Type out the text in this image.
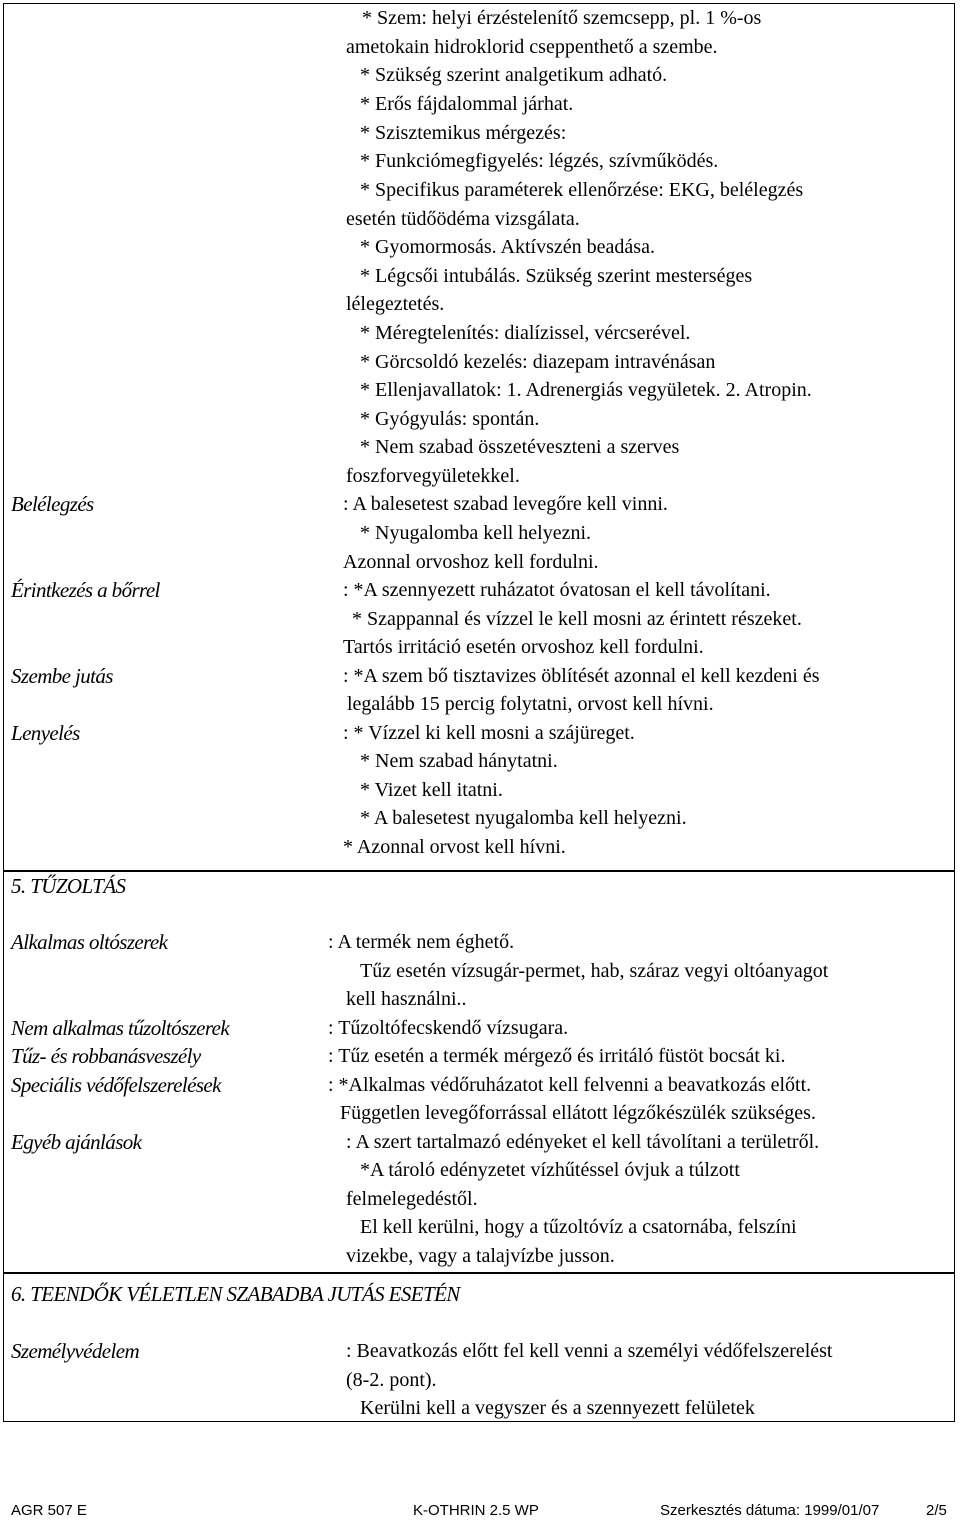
* Szem: helyi érzéstelenítő szemcsepp, pl. 1 %-os
ametokain hidroklorid cseppenthető a szembe.
* Szükség szerint analgetikum adható.
* Erős fájdalommal járhat.
* Szisztemikus mérgezés:
* Funkciómegfigyelés: légzés, szívműködés.
* Specifikus paraméterek ellenőrzése: EKG, belélegzés
esetén tüdőödéma vizsgálata.
* Gyomormosás. Aktívszén beadása.
* Légcsői intubálás. Szükség szerint mesterséges
lélegeztetés.
* Méregtelenítés: dialízissel, vércserével.
* Görcsoldó kezelés: diazepam intravénásan
* Ellenjavallatok: 1. Adrenergiás vegyületek. 2. Atropin.
* Gyógyulás: spontán.
* Nem szabad összetéveszteni a szerves
foszforvegyületekkel.
Belélegzés	: A balesetest szabad levegőre kell vinni.
* Nyugalomba kell helyezni.
Azonnal orvoshoz kell fordulni.
Érintkezés a bőrrel	: *A szennyezett ruházatot óvatosan el kell távolítani.
* Szappannal és vízzel le kell mosni az érintett részeket.
Tartós irritáció esetén orvoshoz kell fordulni.
Szembe jutás	: *A szem bő tisztavizes öblítését azonnal el kell kezdeni és
legalább 15 percig folytatni, orvost kell hívni.
Lenyelés	: * Vízzel ki kell mosni a szájüreget.
* Nem szabad hánytatni.
* Vizet kell itatni.
* A balesetest nyugalomba kell helyezni.
* Azonnal orvost kell hívni.
5. TŰZOLTÁS
Alkalmas oltószerek	: A termék nem éghető.
Tűz esetén vízsugár-permet, hab, száraz vegyi oltóanyagot
kell használni..
Nem alkalmas tűzoltószerek	: Tűzoltófecskendő vízsugara.
Tűz- és robbanásveszély	: Tűz esetén a termék mérgező és irritáló füstöt bocsát ki.
Speciális védőfelszerelések	: *Alkalmas védőruházatot kell felvenni a beavatkozás előtt.
Független levegőforrással ellátott légzőkészülék szükséges.
Egyéb ajánlások	: A szert tartalmazó edényeket el kell távolítani a területről.
*A tároló edényzetet vízhűtéssel óvjuk a túlzott
felmelegedéstől.
El kell kerülni, hogy a tűzoltóvíz a csatornába, felszíni
vizekbe, vagy a talajvízbe jusson.
6. TEENDŐK VÉLETLEN SZABADBA JUTÁS ESETÉN
Személyvédelem	: Beavatkozás előtt fel kell venni a személyi védőfelszerelést
(8-2. pont).
Kerülni kell a vegyszer és a szennyezett felületek
AGR 507 E	K-OTHRIN 2.5 WP	Szerkesztés dátuma: 1999/01/07	2/5
